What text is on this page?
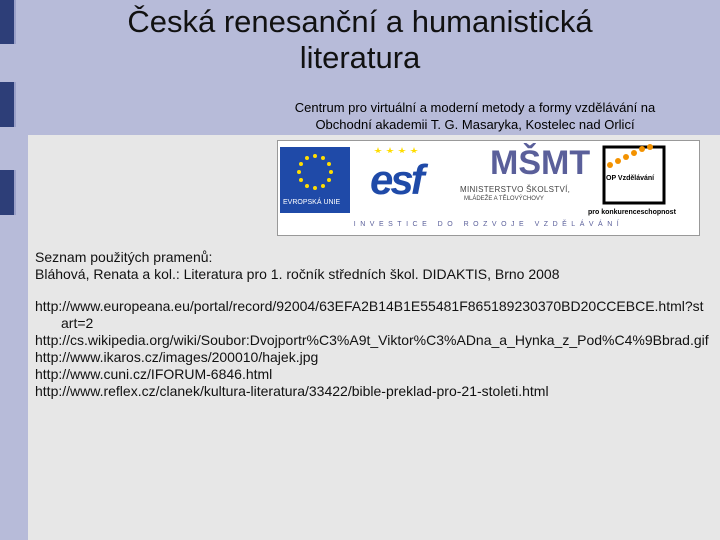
Česká renesanční a humanistická
literatura
Centrum pro virtuální a moderní metody a formy vzdělávání na
Obchodní akademii T. G. Masaryka, Kostelec nad Orlicí
EVROPSKÁ UNIE esf MŠMT
MINISTERSTVO ŠKOLSTVÍ,
MLÁDEŽE A TĚLOVÝCHOVY
OP Vzdělávání
pro konkurenceschopnost
INVESTICE DO ROZVOJE VZDĚLÁVÁNÍ

Seznam použitých pramenů:

Bláhová, Renata a kol.: Literatura pro 1. ročník středních škol. DIDAKTIS, Brno 2008

http://www.europeana.eu/portal/record/92004/63EFA2B14B1E55481F865189230370BD20CCEBCE.html?start=2

http://cs.wikipedia.org/wiki/Soubor:Dvojportr%C3%A9t_Viktor%C3%ADna_a_Hynka_z_Pod%C4%9Bbrad.gif

http://www.ikaros.cz/images/200010/hajek.jpg

http://www.cuni.cz/IFORUM-6846.html

http://www.reflex.cz/clanek/kultura-literatura/33422/bible-preklad-pro-21-stoleti.html
